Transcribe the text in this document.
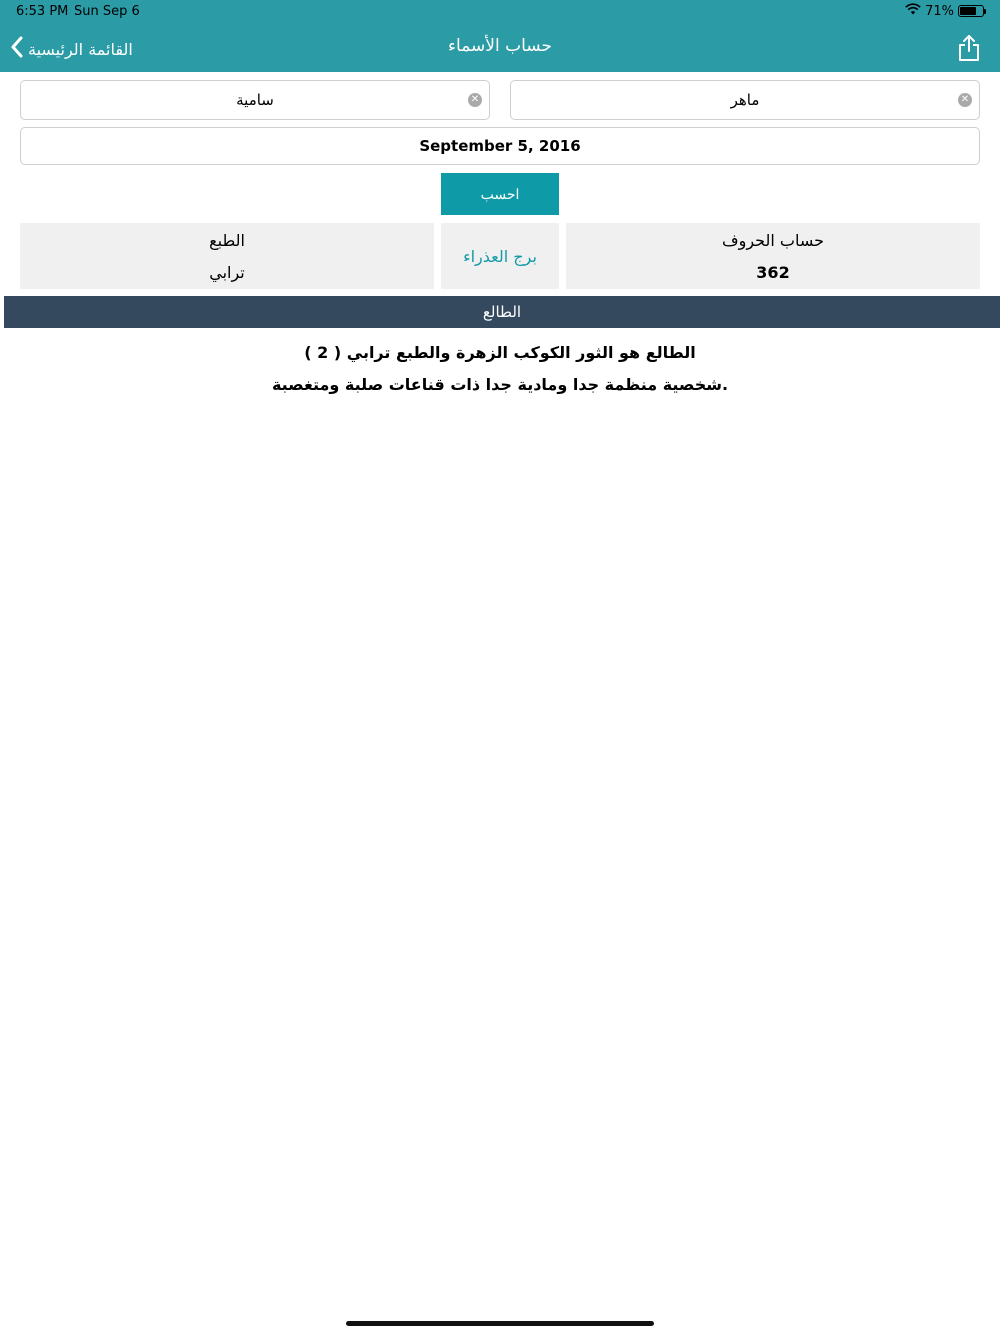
6:53 PM Sun Sep 6	71%
القائمة الرئيسية	حساب الأسماء
سامية
✕
ماهر	✕
September 5, 2016
احسب
حساب الحروف
362
برج العذراء
الطبع
ترابي
الطالع
( 2 ) الطالع هو الثور الكوكب الزهرة والطبع ترابي
شخصية منظمة جدا ومادية جدا ذات قناعات صلبة ومتغصبة.
